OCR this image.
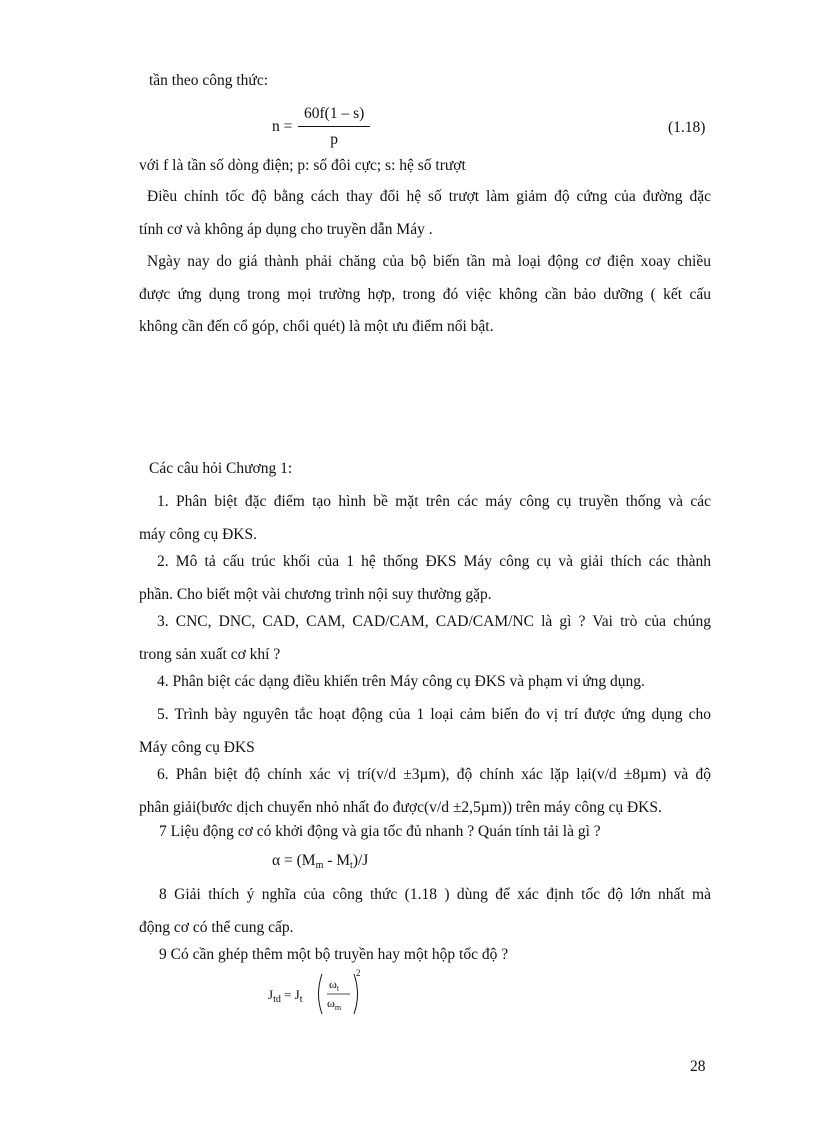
tần theo công thức:
$n = \frac{60f(1 - s)}{p}$	(1.18)
với f là tần số dòng điện; p: số đôi cực; s: hệ số trượt
Điều chỉnh tốc độ bằng cách thay đổi hệ số trượt làm giảm độ cứng của đường đặc
tính cơ và không áp dụng cho truyền dẫn Máy .
Ngày nay do giá thành phải chăng của bộ biến tần mà loại động cơ điện xoay chiều
được ứng dụng trong mọi trường hợp, trong đó việc không cần bảo dưỡng ( kết cấu
không cần đến cổ góp, chổi quét) là một ưu điểm nổi bật.
Các câu hỏi Chương 1:
1. Phân biệt đặc điểm tạo hình bề mặt trên các máy công cụ truyền thống và các
máy công cụ ĐKS.
2. Mô tả cấu trúc khối của 1 hệ thống ĐKS Máy công cụ và giải thích các thành
phần. Cho biết một vài chương trình nội suy thường gặp.
3. CNC, DNC, CAD, CAM, CAD/CAM, CAD/CAM/NC là gì ? Vai trò của chúng
trong sản xuất cơ khí ?
4. Phân biệt các dạng điều khiển trên Máy công cụ ĐKS và phạm vi ứng dụng.
5. Trình bày nguyên tắc hoạt động của 1 loại cảm biến đo vị trí được ứng dụng cho
Máy công cụ ĐKS
6. Phân biệt độ chính xác vị trí(v/d ±3µm), độ chính xác lặp lại(v/d ±8µm) và độ
phân giải(bước dịch chuyển nhỏ nhất đo được(v/d ±2,5µm)) trên máy công cụ ĐKS.
7 Liệu động cơ có khởi động và gia tốc đủ nhanh ? Quán tính tải là gì ?
$\alpha = (M_m - M_t)/J$
8 Giải thích ý nghĩa của công thức (1.18 ) dùng để xác định tốc độ lớn nhất mà
động cơ có thể cung cấp.
9 Có cần ghép thêm một bộ truyền hay một hộp tốc độ ?
$J_{td} = J_t$
$\omega_t$
$\omega_m$
2
28
